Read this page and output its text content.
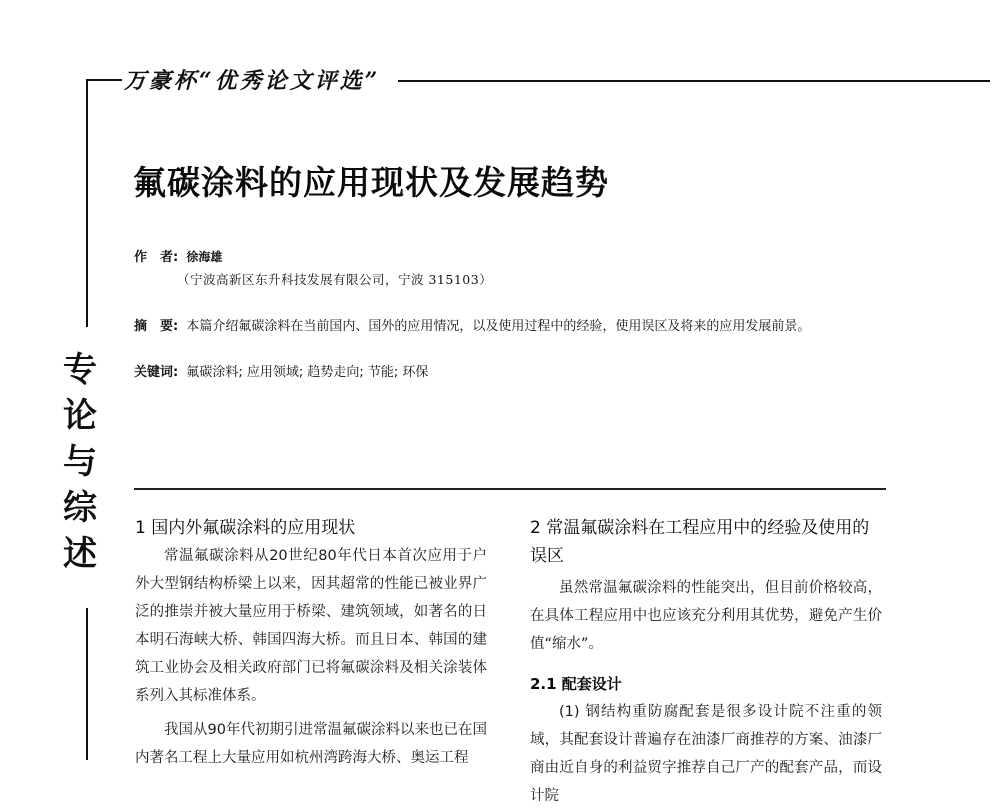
万豪杯“优秀论文评选”
专
论
与
综
述
氟碳涂料的应用现状及发展趋势
作　者: 徐海雄
（宁波高新区东升科技发展有限公司，宁波 315103）
摘　要: 本篇介绍氟碳涂料在当前国内、国外的应用情况，以及使用过程中的经验，使用误区及将来的应用发展前景。
关键词: 氟碳涂料; 应用领域; 趋势走向; 节能; 环保
1 国内外氟碳涂料的应用现状

常温氟碳涂料从20世纪80年代日本首次应用于户外大型钢结构桥梁上以来，因其超常的性能已被业界广泛的推崇并被大量应用于桥梁、建筑领域，如著名的日本明石海峡大桥、韩国四海大桥。而且日本、韩国的建筑工业协会及相关政府部门已将氟碳涂料及相关涂装体系列入其标准体系。

我国从90年代初期引进常温氟碳涂料以来也已在国内著名工程上大量应用如杭州湾跨海大桥、奥运工程

2 常温氟碳涂料在工程应用中的经验及使用的误区

虽然常温氟碳涂料的性能突出，但目前价格较高，在具体工程应用中也应该充分利用其优势，避免产生价值“缩水”。

2.1 配套设计

(1) 钢结构重防腐配套是很多设计院不注重的领域，其配套设计普遍存在油漆厂商推荐的方案、油漆厂商由近自身的利益贸字推荐自己厂产的配套产品，而设计院
